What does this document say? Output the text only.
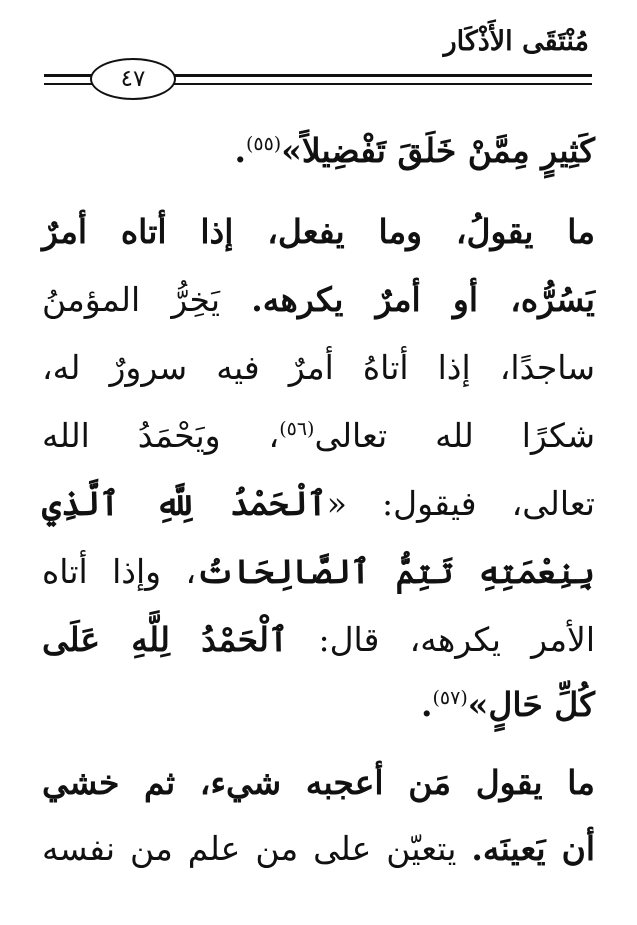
مُنْتَقَى الأَذْكَار
٤٧
كَثِيرٍ مِمَّنْ خَلَقَ تَفْضِيلاً»$^{(٥٥)}$.
ما يقولُ، وما يفعل، إذا أتاه أمرٌ
يَسُرُّه، أو أمرٌ يكرهه. يَخِرُّ المؤمنُ
ساجدًا، إذا أتاهُ أمرٌ فيه سرورٌ له،
شكرًا لله تعالى$^{(٥٦)}$، ويَحْمَدُ الله
تعالى، فيقول: «ٱلْحَمْدُ لِلَّهِ ٱلَّذِي
بِنِعْمَتِهِ تَتِمُّ ٱلصَّالِحَاتُ، وإذا أتاه
الأمر يكرهه، قال: ٱلْحَمْدُ لِلَّهِ عَلَى
كُلِّ حَالٍ»$^{(٥٧)}$.
ما يقول مَن أعجبه شيء، ثم خشي
أن يَعينَه. يتعيّن على من علم من نفسه
